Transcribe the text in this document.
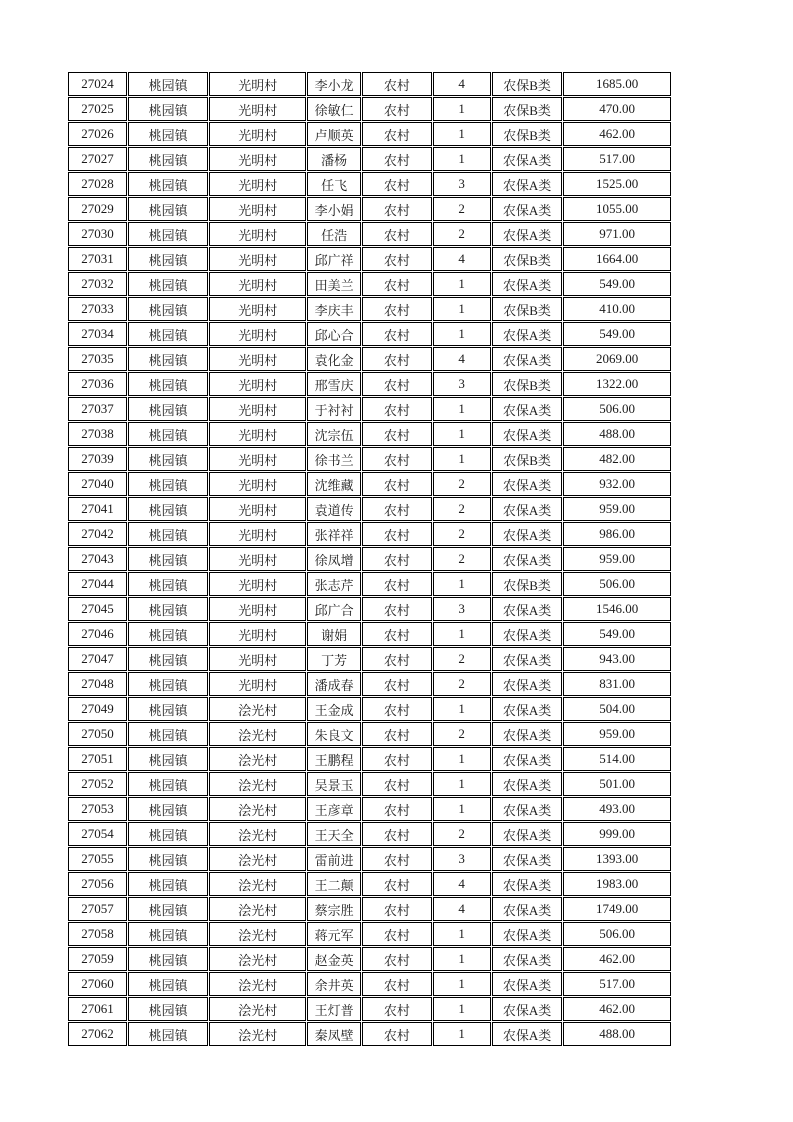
27024	桃园镇	光明村	李小龙	农村	4	农保B类	1685.00
27025	桃园镇	光明村	徐敏仁	农村	1	农保B类	470.00
27026	桃园镇	光明村	卢顺英	农村	1	农保B类	462.00
27027	桃园镇	光明村	潘杨	农村	1	农保A类	517.00
27028	桃园镇	光明村	任飞	农村	3	农保A类	1525.00
27029	桃园镇	光明村	李小娟	农村	2	农保A类	1055.00
27030	桃园镇	光明村	任浩	农村	2	农保A类	971.00
27031	桃园镇	光明村	邱广祥	农村	4	农保B类	1664.00
27032	桃园镇	光明村	田美兰	农村	1	农保A类	549.00
27033	桃园镇	光明村	李庆丰	农村	1	农保B类	410.00
27034	桃园镇	光明村	邱心合	农村	1	农保A类	549.00
27035	桃园镇	光明村	袁化金	农村	4	农保A类	2069.00
27036	桃园镇	光明村	邢雪庆	农村	3	农保B类	1322.00
27037	桃园镇	光明村	于衬衬	农村	1	农保A类	506.00
27038	桃园镇	光明村	沈宗伍	农村	1	农保A类	488.00
27039	桃园镇	光明村	徐书兰	农村	1	农保B类	482.00
27040	桃园镇	光明村	沈维藏	农村	2	农保A类	932.00
27041	桃园镇	光明村	袁道传	农村	2	农保A类	959.00
27042	桃园镇	光明村	张祥祥	农村	2	农保A类	986.00
27043	桃园镇	光明村	徐凤增	农村	2	农保A类	959.00
27044	桃园镇	光明村	张志芹	农村	1	农保B类	506.00
27045	桃园镇	光明村	邱广合	农村	3	农保A类	1546.00
27046	桃园镇	光明村	谢娟	农村	1	农保A类	549.00
27047	桃园镇	光明村	丁芳	农村	2	农保A类	943.00
27048	桃园镇	光明村	潘成春	农村	2	农保A类	831.00
27049	桃园镇	浍光村	王金成	农村	1	农保A类	504.00
27050	桃园镇	浍光村	朱良文	农村	2	农保A类	959.00
27051	桃园镇	浍光村	王鹏程	农村	1	农保A类	514.00
27052	桃园镇	浍光村	吴景玉	农村	1	农保A类	501.00
27053	桃园镇	浍光村	王彦章	农村	1	农保A类	493.00
27054	桃园镇	浍光村	王天全	农村	2	农保A类	999.00
27055	桃园镇	浍光村	雷前进	农村	3	农保A类	1393.00
27056	桃园镇	浍光村	王二颠	农村	4	农保A类	1983.00
27057	桃园镇	浍光村	蔡宗胜	农村	4	农保A类	1749.00
27058	桃园镇	浍光村	蒋元军	农村	1	农保A类	506.00
27059	桃园镇	浍光村	赵金英	农村	1	农保A类	462.00
27060	桃园镇	浍光村	余井英	农村	1	农保A类	517.00
27061	桃园镇	浍光村	王灯普	农村	1	农保A类	462.00
27062	桃园镇	浍光村	秦凤壁	农村	1	农保A类	488.00
